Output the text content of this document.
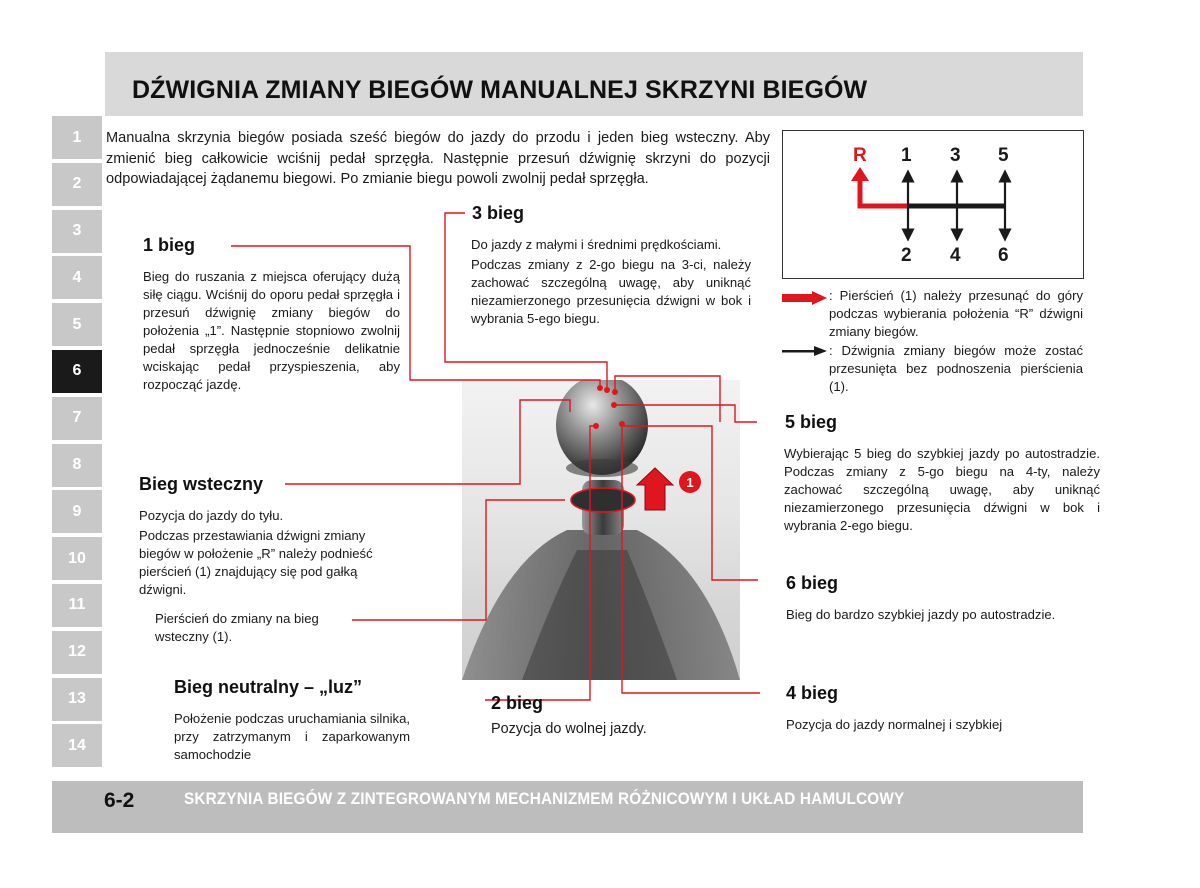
DŹWIGNIA ZMIANY BIEGÓW MANUALNEJ SKRZYNI BIEGÓW
1
2
3
4
5
6
7
8
9
10
11
12
13
14
Manualna skrzynia biegów posiada sześć biegów do jazdy do przodu i jeden bieg wsteczny. Aby zmienić bieg całkowicie wciśnij pedał sprzęgła. Następnie przesuń dźwignię skrzyni do pozycji odpowiadającej żądanemu biegowi. Po zmianie biegu powoli zwolnij pedał sprzęgła.
1
1 bieg
Bieg do ruszania z miejsca oferujący dużą siłę ciągu. Wciśnij do oporu pedał sprzęgła i przesuń dźwignię zmiany biegów do położenia „1”. Następnie stopniowo zwolnij pedał sprzęgła jednocześnie delikatnie wciskając pedał przyspieszenia, aby rozpocząć jazdę.
3 bieg
Do jazdy z małymi i średnimi prędkościami.
Podczas zmiany z 2-go biegu na 3-ci, należy zachować szczególną uwagę, aby uniknąć niezamierzonego przesunięcia dźwigni w bok i wybrania 5-ego biegu.
Bieg wsteczny
Pozycja do jazdy do tyłu.
Podczas przestawiania dźwigni zmiany biegów w położenie „R” należy podnieść pierścień (1) znajdujący się pod gałką dźwigni.
Pierścień do zmiany na bieg wsteczny (1).
Bieg neutralny – „luz”
Położenie podczas uruchamiania silnika, przy zatrzymanym i zaparkowanym samochodzie
2 bieg
Pozycja do wolnej jazdy.
5 bieg
Wybierając 5 bieg do szybkiej jazdy po autostradzie. Podczas zmiany z 5-go biegu na 4-ty, należy zachować szczególną uwagę, aby uniknąć niezamierzonego przesunięcia dźwigni w bok i wybrania 2-ego biegu.
6 bieg
Bieg do bardzo szybkiej jazdy po autostradzie.
4 bieg
Pozycja do jazdy normalnej i szybkiej
R 1 3 5
2 4 6
: Pierścień (1) należy przesunąć do góry podczas wybierania położenia “R” dźwigni zmiany biegów.
: Dźwignia zmiany biegów może zostać przesunięta bez podnoszenia pierścienia (1).
6-2	SKRZYNIA BIEGÓW Z ZINTEGROWANYM MECHANIZMEM RÓŻNICOWYM I UKŁAD HAMULCOWY
